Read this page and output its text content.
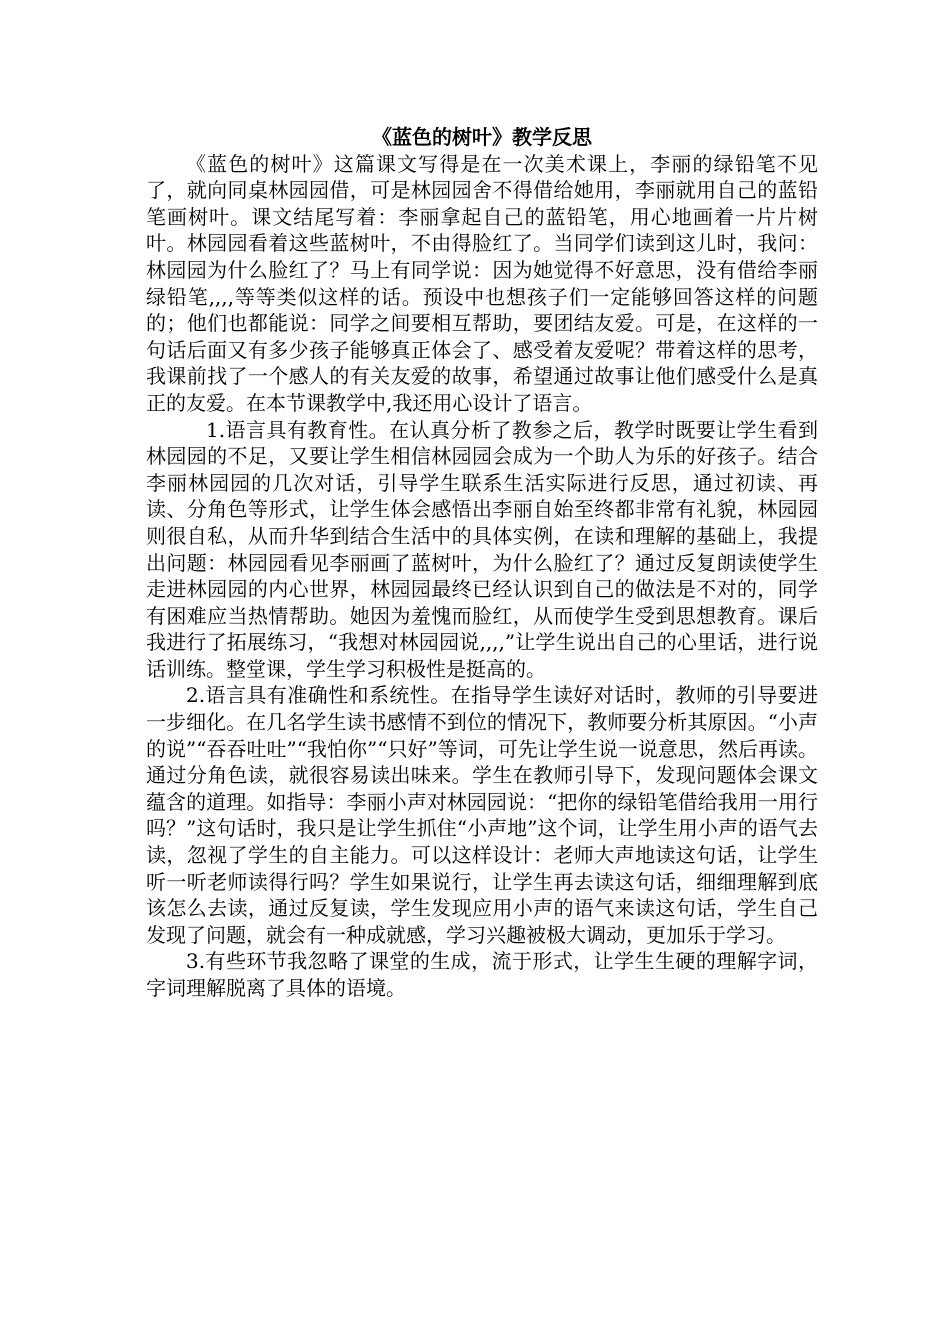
《蓝色的树叶》教学反思

《蓝色的树叶》这篇课文写得是在一次美术课上，李丽的绿铅笔不见了，就向同桌林园园借，可是林园园舍不得借给她用，李丽就用自己的蓝铅笔画树叶。课文结尾写着：李丽拿起自己的蓝铅笔，用心地画着一片片树叶。林园园看着这些蓝树叶，不由得脸红了。当同学们读到这儿时，我问：林园园为什么脸红了？马上有同学说：因为她觉得不好意思，没有借给李丽绿铅笔,,,,等等类似这样的话。预设中也想孩子们一定能够回答这样的问题的；他们也都能说：同学之间要相互帮助，要团结友爱。可是，在这样的一句话后面又有多少孩子能够真正体会了、感受着友爱呢？带着这样的思考，我课前找了一个感人的有关友爱的故事，希望通过故事让他们感受什么是真正的友爱。在本节课教学中,我还用心设计了语言。

1.语言具有教育性。在认真分析了教参之后，教学时既要让学生看到林园园的不足，又要让学生相信林园园会成为一个助人为乐的好孩子。结合李丽林园园的几次对话，引导学生联系生活实际进行反思，通过初读、再读、分角色等形式，让学生体会感悟出李丽自始至终都非常有礼貌，林园园则很自私，从而升华到结合生活中的具体实例，在读和理解的基础上，我提出问题：林园园看见李丽画了蓝树叶，为什么脸红了？通过反复朗读使学生走进林园园的内心世界，林园园最终已经认识到自己的做法是不对的，同学有困难应当热情帮助。她因为羞愧而脸红，从而使学生受到思想教育。课后我进行了拓展练习，“我想对林园园说,,,,”让学生说出自己的心里话，进行说话训练。整堂课，学生学习积极性是挺高的。

2.语言具有准确性和系统性。在指导学生读好对话时，教师的引导要进一步细化。在几名学生读书感情不到位的情况下，教师要分析其原因。“小声的说”“吞吞吐吐”“我怕你”“只好”等词，可先让学生说一说意思，然后再读。通过分角色读，就很容易读出味来。学生在教师引导下，发现问题体会课文蕴含的道理。如指导：李丽小声对林园园说：“把你的绿铅笔借给我用一用行吗？”这句话时，我只是让学生抓住“小声地”这个词，让学生用小声的语气去读，忽视了学生的自主能力。可以这样设计：老师大声地读这句话，让学生听一听老师读得行吗？学生如果说行，让学生再去读这句话，细细理解到底该怎么去读，通过反复读，学生发现应用小声的语气来读这句话，学生自己发现了问题，就会有一种成就感，学习兴趣被极大调动，更加乐于学习。

3.有些环节我忽略了课堂的生成，流于形式，让学生生硬的理解字词，字词理解脱离了具体的语境。
